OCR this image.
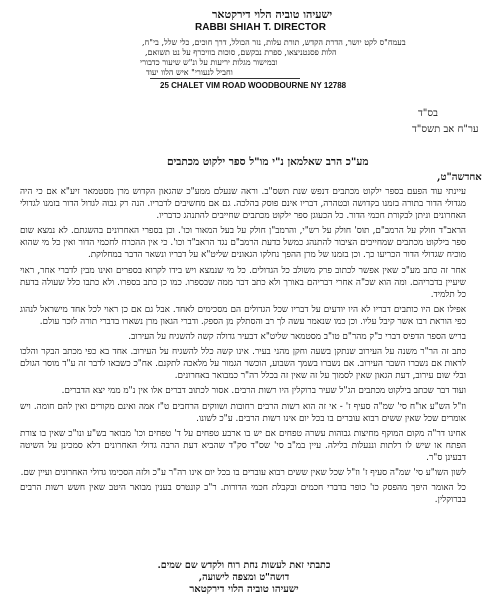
ישעיהו טוביה הלוי דירקטאר
RABBI SHIAH T. DIRECTOR
בעמח"ס לקט יושר, הדרת הקדש, תורת עלות, נזר הכולל, דרך חוכים, כלי שלל, בי"ח,
הלות פסנטניצאו, ספרת נבקשם, סוכות בוויכרף על נט תשואם,
ובמישור מגלות יריעות על ונ"ש שיעור כדבורי
וחביל לנעורי" איש הלוו יעוד
25 CHALET VIM ROAD WOODBOURNE NY 12788
בס"ד
ער"ח אב תשס"ד
מע"כ הרב שאלמאן נ"י מו"ל ספר ילקוט מכתבים
אחדשה"ט,

עיינתי עוד הפעם בספר ילקוט מכתבים דנפש שנת תשס"ב. וראה שנעלם ממע"כ שהגאון הקדוש מרן מסטמאר זיע"א אם כי היה מגדולי הדור בתורה בזמנו בקדושה ובטהרה, דבריו אינם פוסק בהלכה. גם אם מחשיבים לדבריו. הנה רק גבוה לגדול הדור בזמנו לגדולי האחרונים וניתן לבקורת חכמי הדור. כל הכעוגן ספר ילקוט מכתבים שחייבים להתנהג כדבריו.

הראב"ד חולק על הרמב"ם, תוס' חולק על רש"י, והרמב"ן חולק על בעל המאור וכו'. וכן בספרי האחרונים בהשגתם. לא נמצא שום ספר בילקוט מכתבים שמחייבים הציבור להתנהג כמשל כדעת הרמב"ם נגד הראב"ד וכו'. כי אין ההכרח לחכמי הדור ואין כל מי שהוא מוכיח שגדולי הדור הכריעו כך. וכן בזמנו של מרן ההפך נחלקו הגאונים שליט"א על דבריו ונשאר הדבר במחלוקת.

אחר זה כתב מע"כ שאין אפשר לכתוב פרק משולב כל הגדולים. כל מי שנמצא ויש בידו לקרוא בספרים ואינו מבין לדברי אחר, ראוי שיעיין בדבריהם. ומה הוא שכ"ה אחרי דבריהם באורך ולא כתב דבר ממה שבספרו. כמו כן כתב בספרו. ולא כתבו כלל שעולה בדעת כל תלמיד.

אפילו אם היו כותבים דבריו לא היו יודעים על דבריו שכל הגדולים הם מסכימים לאחד. אבל גם אם כן ראוי לכל אחד מישראל לנהוג כפי הוראת רבו אשר קיבל עליו. וכן כמו שנאמר עשה לך רב והסתלק מן הספק. ודברי הגאון מרן נשארו בדברי תורה לזכר עולם.

בריש הספר הדפיס דברי כ"ק מהר"ם טו"ב מסטמאר שליט"א דבעיר גדולה קשה להשגיח על העירוב.

כתב זה הר"ר משנה על העירוב שנתקן בשעה וחקן מהני בעיר. אינו קשה כלל להשגיח על העירוב. אחד בא כפי מכתב הבקר והלכו לראות אם נשברו השבר העירוב. אם נשברו בשמך השבוע, הוכשר הגמור על מלאכה לתקנם. אח"כ כשבאו לדבר זה ע"ד מוסר הגולם ובלי שום עירוב, דעת הגאון שאין לסמוך על זה שאין זה בכלל רה"ר כמבואר באחרונים.

ועוד דבר שכתב בילקוט מכתבים הג"ל שעיר ברוקלין היו רשות הרבים. אסור לכתוב דברים אלו אין נ"מ ממי יצא הדברים.

וז"ל הש"ע או"ח סי' שמ"ה סעיף ז' - אי זה הוא רשות הרבים רחובות ושווקים הרחבים ט"ז אמה ואינם מקורים ואין להם חומה. ויש אומרים שכל שאין ששים רבוא עוברים בו בכל יום אינו רשות הרבים. ע"כ לשונו.

אחינו דר"ה מקום המוקף מחיצות גבוהות עשרה טפחים אם יש בו ארבע טפחים על ד' טפחים וכו' מבואר בש"ע ונו"כ שאין בו צורת הפתח או שיש לו דלתות וננעלות בלילה. עיין במ"ב סי' שס"ד סק"ד שהביא דעת הרבה גדולי האחרונים דלא סמכינן על השיטה דבעינן ס"ר.

לשון השו"ע סי' שמ"ה סעיף ז' וז"ל שכל שאין ששים רבוא עוברים בו בכל יום אינו רה"ר ע"כ ולזה הסכימו גדולי האחרונים ועיין שם.

כל האומר היפך מהפסק כו' כופר בדברי חכמים ובקבלת חכמי הדורות. ר"ב קונטרס בענין מבואר היטב שאין חשש רשות הרבים בברוקלין.

כתבתי זאת לעשות נחת רוח ולקדש שם שמים.
דושה"ט ומצפה לישועה,
ישעיהו טוביה הלוי דירקטאר
